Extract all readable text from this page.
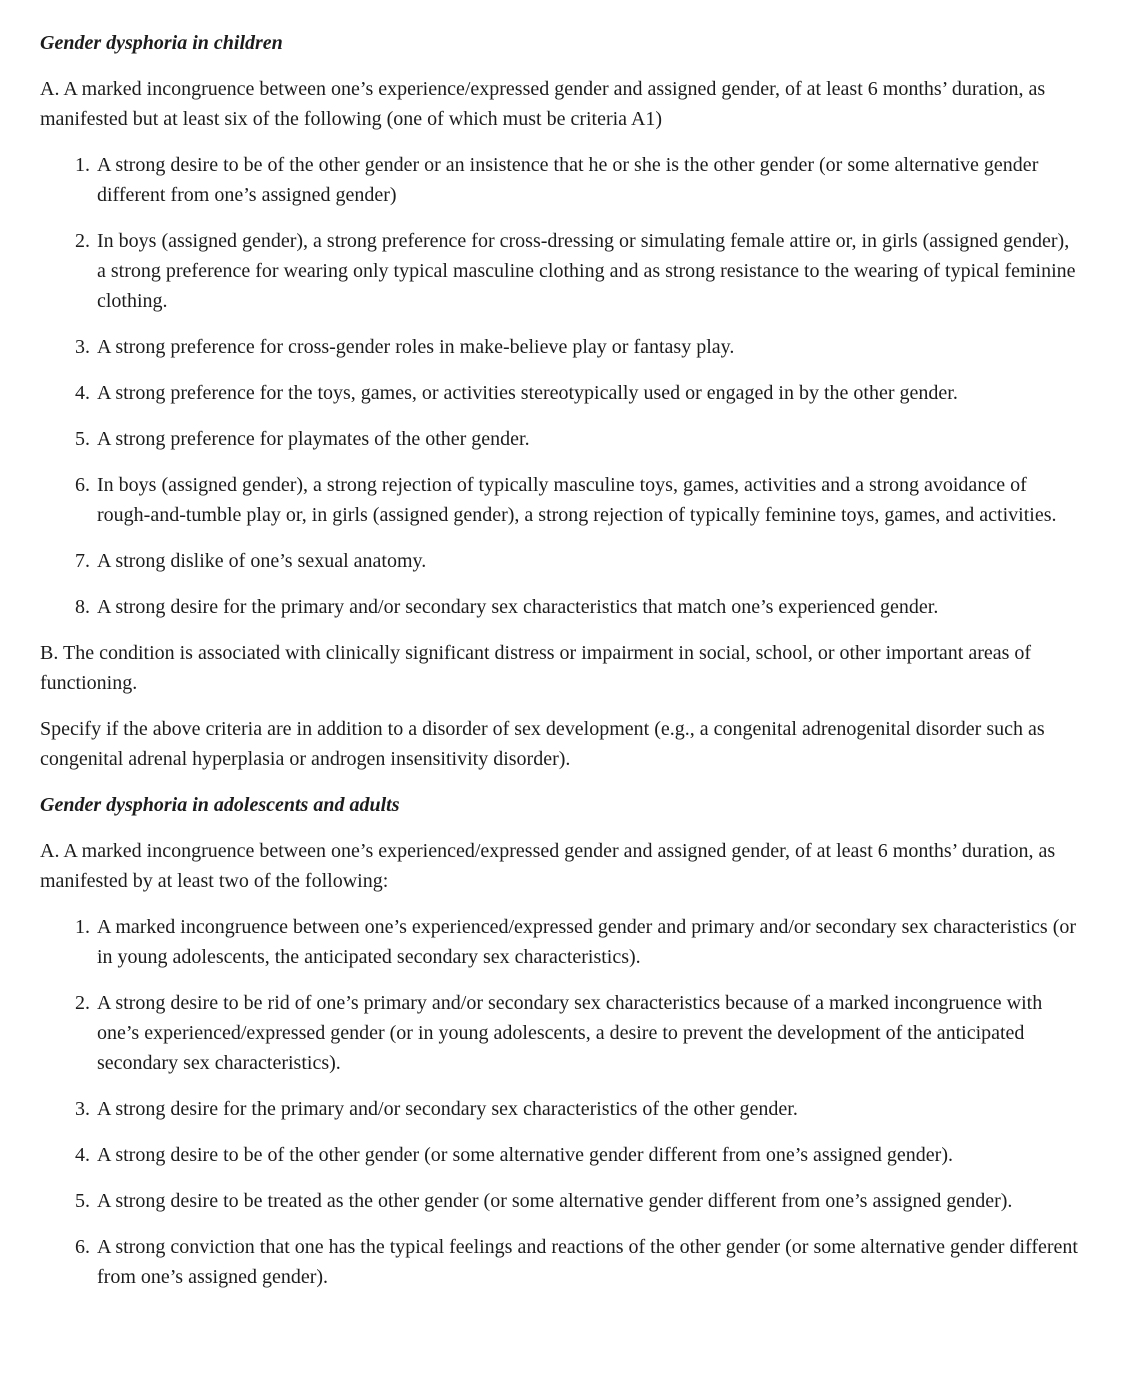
Gender dysphoria in children
A. A marked incongruence between one’s experience/expressed gender and assigned gender, of at least 6 months’ duration, as manifested but at least six of the following (one of which must be criteria A1)
1. A strong desire to be of the other gender or an insistence that he or she is the other gender (or some alternative gender different from one’s assigned gender)
2. In boys (assigned gender), a strong preference for cross-dressing or simulating female attire or, in girls (assigned gender), a strong preference for wearing only typical masculine clothing and as strong resistance to the wearing of typical feminine clothing.
3. A strong preference for cross-gender roles in make-believe play or fantasy play.
4. A strong preference for the toys, games, or activities stereotypically used or engaged in by the other gender.
5. A strong preference for playmates of the other gender.
6. In boys (assigned gender), a strong rejection of typically masculine toys, games, activities and a strong avoidance of rough-and-tumble play or, in girls (assigned gender), a strong rejection of typically feminine toys, games, and activities.
7. A strong dislike of one’s sexual anatomy.
8. A strong desire for the primary and/or secondary sex characteristics that match one’s experienced gender.
B. The condition is associated with clinically significant distress or impairment in social, school, or other important areas of functioning.
Specify if the above criteria are in addition to a disorder of sex development (e.g., a congenital adrenogenital disorder such as congenital adrenal hyperplasia or androgen insensitivity disorder).
Gender dysphoria in adolescents and adults
A. A marked incongruence between one’s experienced/expressed gender and assigned gender, of at least 6 months’ duration, as manifested by at least two of the following:
1. A marked incongruence between one’s experienced/expressed gender and primary and/or secondary sex characteristics (or in young adolescents, the anticipated secondary sex characteristics).
2. A strong desire to be rid of one’s primary and/or secondary sex characteristics because of a marked incongruence with one’s experienced/expressed gender (or in young adolescents, a desire to prevent the development of the anticipated secondary sex characteristics).
3. A strong desire for the primary and/or secondary sex characteristics of the other gender.
4. A strong desire to be of the other gender (or some alternative gender different from one’s assigned gender).
5. A strong desire to be treated as the other gender (or some alternative gender different from one’s assigned gender).
6. A strong conviction that one has the typical feelings and reactions of the other gender (or some alternative gender different from one’s assigned gender).
